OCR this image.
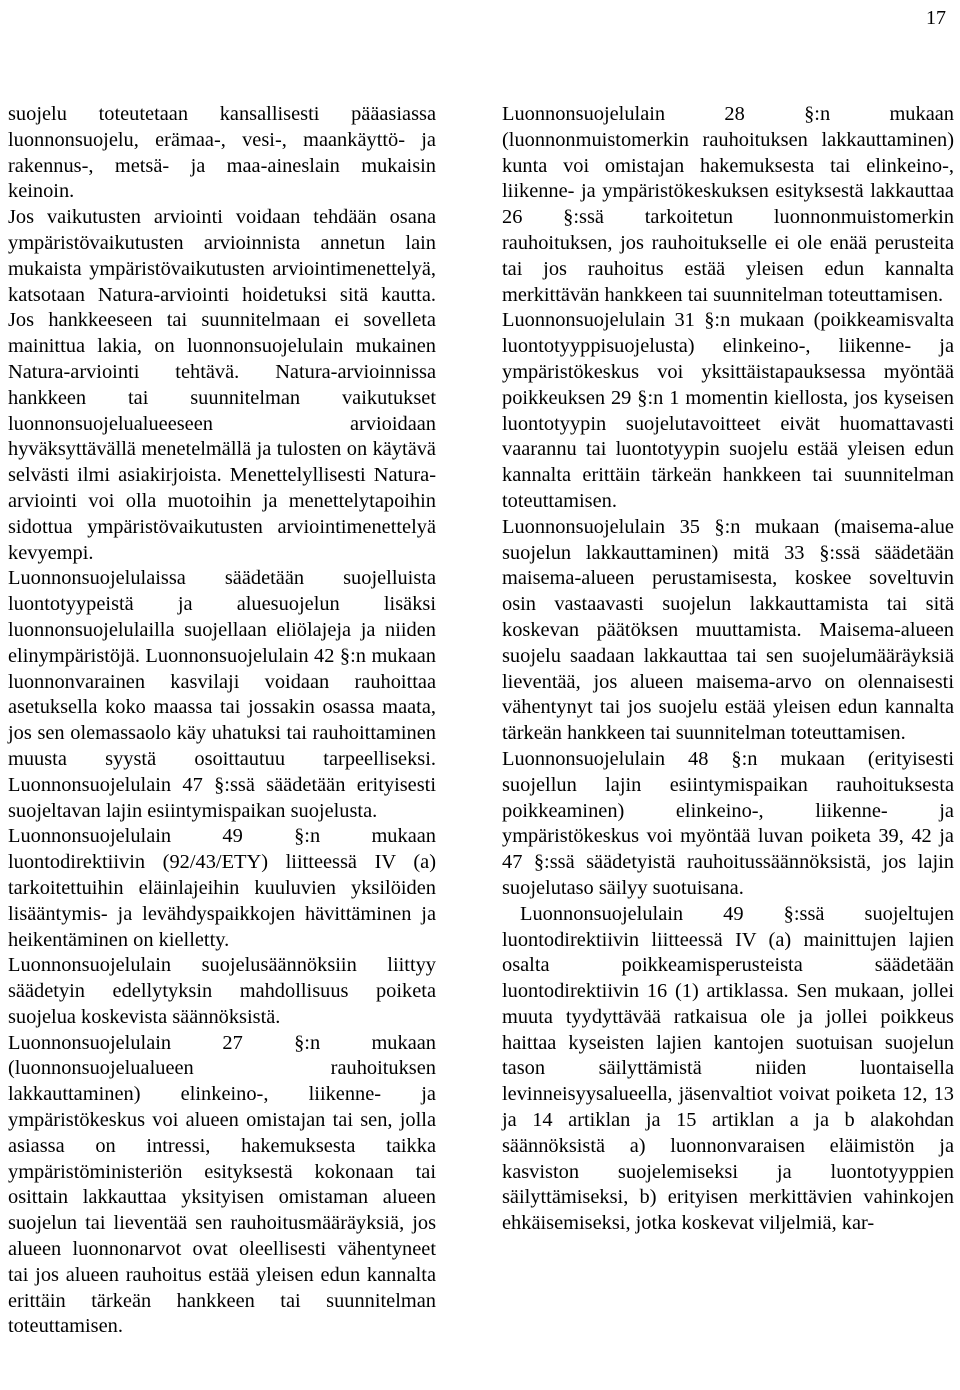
17

suojelu toteutetaan kansallisesti pääasiassa luonnonsuojelu, erämaa-, vesi-, maankäyttö- ja rakennus-, metsä- ja maa-aineslain mukaisin keinoin.

Jos vaikutusten arviointi voidaan tehdään osana ympäristövaikutusten arvioinnista annetun lain mukaista ympäristövaikutusten arviointimenettelyä, katsotaan Natura-arviointi hoidetuksi sitä kautta. Jos hankkeeseen tai suunnitelmaan ei sovelleta mainittua lakia, on luonnonsuojelulain mukainen Natura-arviointi tehtävä. Natura-arvioinnissa hankkeen tai suunnitelman vaikutukset luonnonsuojelualueeseen arvioidaan hyväksyttävällä menetelmällä ja tulosten on käytävä selvästi ilmi asiakirjoista. Menettelyllisesti Natura-arviointi voi olla muotoihin ja menettelytapoihin sidottua ympäristövaikutusten arviointimenettelyä kevyempi.

Luonnonsuojelulaissa säädetään suojelluista luontotyypeistä ja aluesuojelun lisäksi luonnonsuojelulailla suojellaan eliölajeja ja niiden elinympäristöjä. Luonnonsuojelulain 42 §:n mukaan luonnonvarainen kasvilaji voidaan rauhoittaa asetuksella koko maassa tai jossakin osassa maata, jos sen olemassaolo käy uhatuksi tai rauhoittaminen muusta syystä osoittautuu tarpeelliseksi. Luonnonsuojelulain 47 §:ssä säädetään erityisesti suojeltavan lajin esiintymispaikan suojelusta.

Luonnonsuojelulain 49 §:n mukaan luontodirektiivin (92/43/ETY) liitteessä IV (a) tarkoitettuihin eläinlajeihin kuuluvien yksilöiden lisääntymis- ja levähdyspaikkojen hävittäminen ja heikentäminen on kielletty.

Luonnonsuojelulain suojelusäännöksiin liittyy säädetyin edellytyksin mahdollisuus poiketa suojelua koskevista säännöksistä.

Luonnonsuojelulain 27 §:n mukaan (luonnonsuojelualueen rauhoituksen lakkauttaminen) elinkeino-, liikenne- ja ympäristökeskus voi alueen omistajan tai sen, jolla asiassa on intressi, hakemuksesta taikka ympäristöministeriön esityksestä kokonaan tai osittain lakkauttaa yksityisen omistaman alueen suojelun tai lieventää sen rauhoitusmääräyksiä, jos alueen luonnonarvot ovat oleellisesti vähentyneet tai jos alueen rauhoitus estää yleisen edun kannalta erittäin tärkeän hankkeen tai suunnitelman toteuttamisen.

Luonnonsuojelulain 28 §:n mukaan (luonnonmuistomerkin rauhoituksen lakkauttaminen) kunta voi omistajan hakemuksesta tai elinkeino-, liikenne- ja ympäristökeskuksen esityksestä lakkauttaa 26 §:ssä tarkoitetun luonnonmuistomerkin rauhoituksen, jos rauhoitukselle ei ole enää perusteita tai jos rauhoitus estää yleisen edun kannalta merkittävän hankkeen tai suunnitelman toteuttamisen.

Luonnonsuojelulain 31 §:n mukaan (poikkeamisvalta luontotyyppisuojelusta) elinkeino-, liikenne- ja ympäristökeskus voi yksittäistapauksessa myöntää poikkeuksen 29 §:n 1 momentin kiellosta, jos kyseisen luontotyypin suojelutavoitteet eivät huomattavasti vaarannu tai luontotyypin suojelu estää yleisen edun kannalta erittäin tärkeän hankkeen tai suunnitelman toteuttamisen.

Luonnonsuojelulain 35 §:n mukaan (maisema-alue suojelun lakkauttaminen) mitä 33 §:ssä säädetään maisema-alueen perustamisesta, koskee soveltuvin osin vastaavasti suojelun lakkauttamista tai sitä koskevan päätöksen muuttamista. Maisema-alueen suojelu saadaan lakkauttaa tai sen suojelumääräyksiä lieventää, jos alueen maisema-arvo on olennaisesti vähentynyt tai jos suojelu estää yleisen edun kannalta tärkeän hankkeen tai suunnitelman toteuttamisen.

Luonnonsuojelulain 48 §:n mukaan (erityisesti suojellun lajin esiintymispaikan rauhoituksesta poikkeaminen) elinkeino-, liikenne- ja ympäristökeskus voi myöntää luvan poiketa 39, 42 ja 47 §:ssä säädetyistä rauhoitussäännöksistä, jos lajin suojelutaso säilyy suotuisana.

Luonnonsuojelulain 49 §:ssä suojeltujen luontodirektiivin liitteessä IV (a) mainittujen lajien osalta poikkeamisperusteista säädetään luontodirektiivin 16 (1) artiklassa. Sen mukaan, jollei muuta tyydyttävää ratkaisua ole ja jollei poikkeus haittaa kyseisten lajien kantojen suotuisan suojelun tason säilyttämistä niiden luontaisella levinneisyysalueella, jäsenvaltiot voivat poiketa 12, 13 ja 14 artiklan ja 15 artiklan a ja b alakohdan säännöksistä a) luonnonvaraisen eläimistön ja kasviston suojelemiseksi ja luontotyyppien säilyttämiseksi, b) erityisen merkittävien vahinkojen ehkäisemiseksi, jotka koskevat viljelmiä, kar-
